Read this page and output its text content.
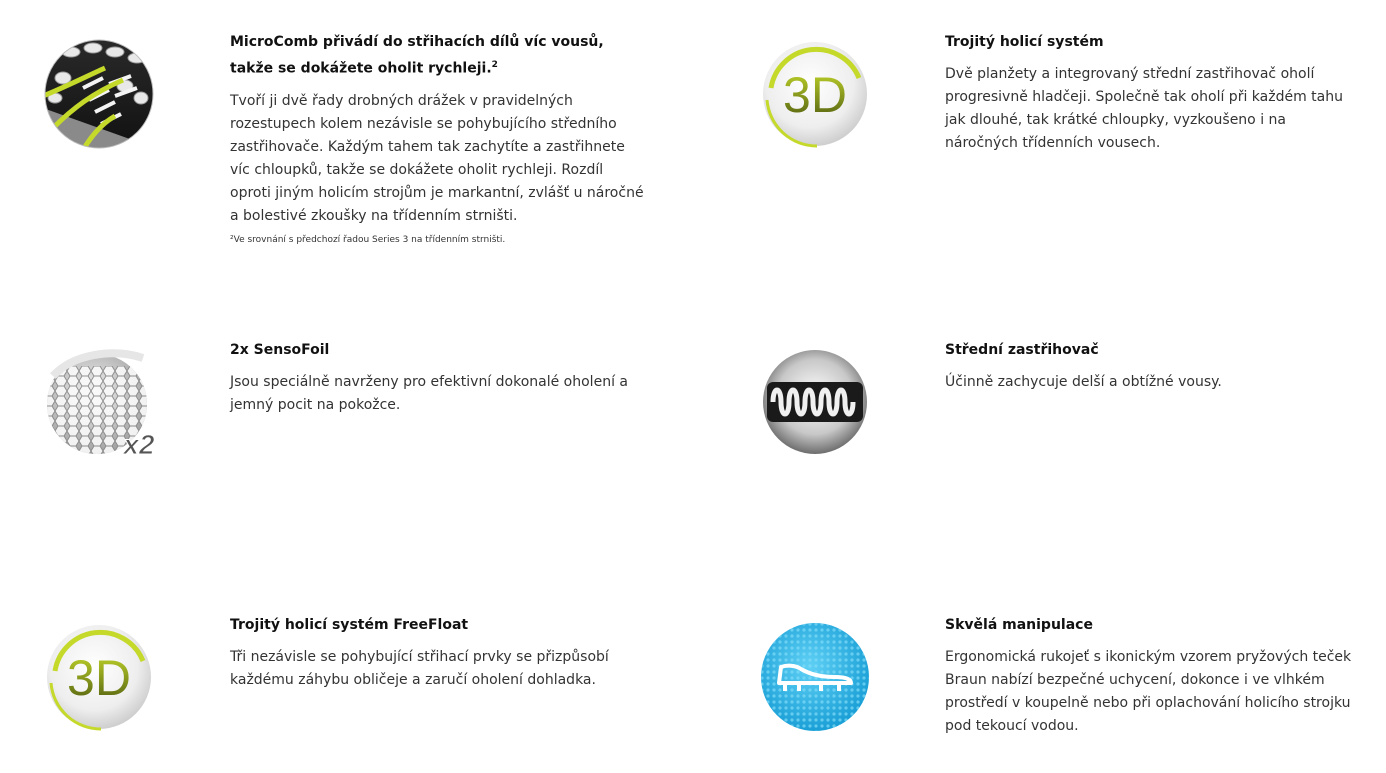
MicroComb přivádí do střihacích dílů víc vousů, takže se dokážete oholit rychleji.$^2$

Tvoří ji dvě řady drobných drážek v pravidelných rozestupech kolem nezávisle se pohybujícího středního zastřihovače. Každým tahem tak zachytíte a zastřihnete víc chloupků, takže se dokážete oholit rychleji. Rozdíl oproti jiným holicím strojům je markantní, zvlášť u náročné a bolestivé zkoušky na třídenním strništi.

²Ve srovnání s předchozí řadou Series 3 na třídenním strništi.

3D

Trojitý holicí systém

Dvě planžety a integrovaný střední zastřihovač oholí progresivně hladčeji. Společně tak oholí při každém tahu jak dlouhé, tak krátké chloupky, vyzkoušeno i na náročných třídenních vousech.

x2

2x SensoFoil

Jsou speciálně navrženy pro efektivní dokonalé oholení a jemný pocit na pokožce.

Střední zastřihovač

Účinně zachycuje delší a obtížné vousy.

3D

Trojitý holicí systém FreeFloat

Tři nezávisle se pohybující střihací prvky se přizpůsobí každému záhybu obličeje a zaručí oholení dohladka.

Skvělá manipulace

Ergonomická rukojeť s ikonickým vzorem pryžových teček Braun nabízí bezpečné uchycení, dokonce i ve vlhkém prostředí v koupelně nebo při oplachování holicího strojku pod tekoucí vodou.
